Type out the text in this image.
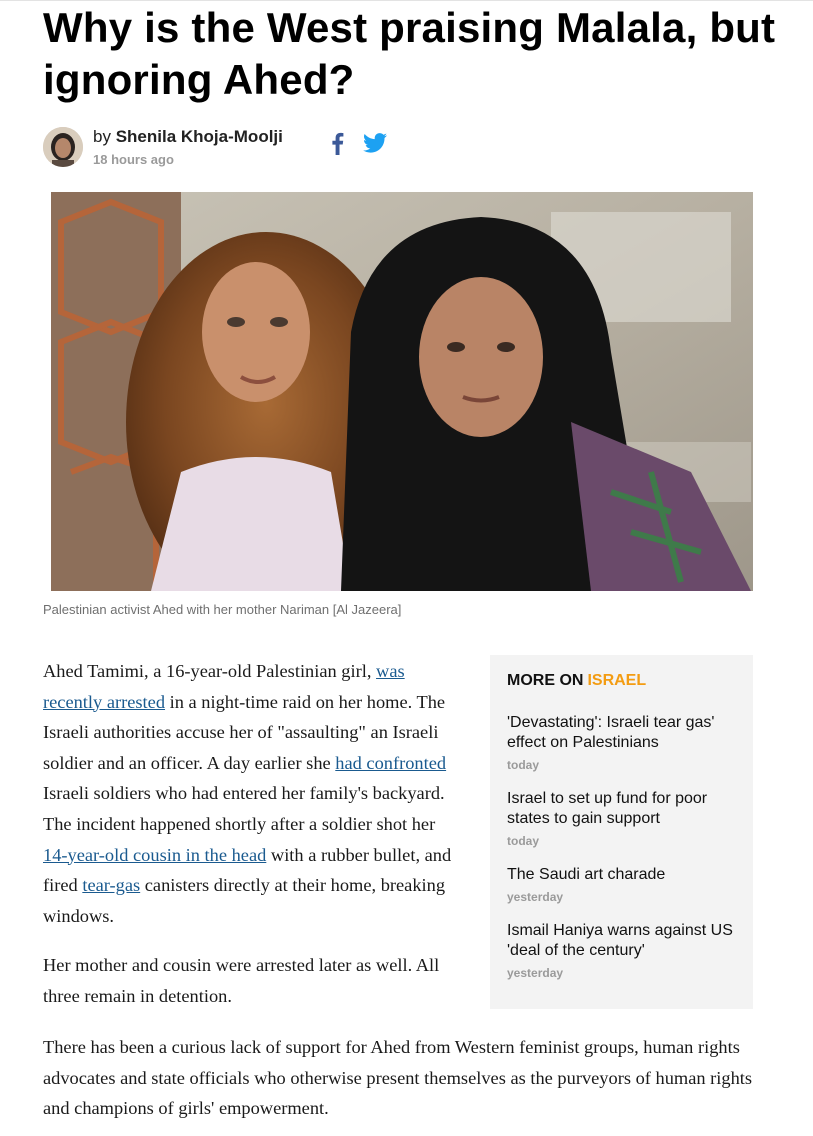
Why is the West praising Malala, but ignoring Ahed?
by Shenila Khoja-Moolji
18 hours ago
Palestinian activist Ahed with her mother Nariman [Al Jazeera]

Ahed Tamimi, a 16-year-old Palestinian girl, was recently arrested in a night-time raid on her home. The Israeli authorities accuse her of "assaulting" an Israeli soldier and an officer. A day earlier she had confronted Israeli soldiers who had entered her family's backyard. The incident happened shortly after a soldier shot her 14-year-old cousin in the head with a rubber bullet, and fired tear-gas canisters directly at their home, breaking windows.

Her mother and cousin were arrested later as well. All three remain in detention.

MORE ON ISRAEL
'Devastating': Israeli tear gas' effect on Palestinians
today
Israel to set up fund for poor states to gain support
today
The Saudi art charade
yesterday
Ismail Haniya warns against US 'deal of the century'
yesterday

There has been a curious lack of support for Ahed from Western feminist groups, human rights advocates and state officials who otherwise present themselves as the purveyors of human rights and champions of girls' empowerment.
